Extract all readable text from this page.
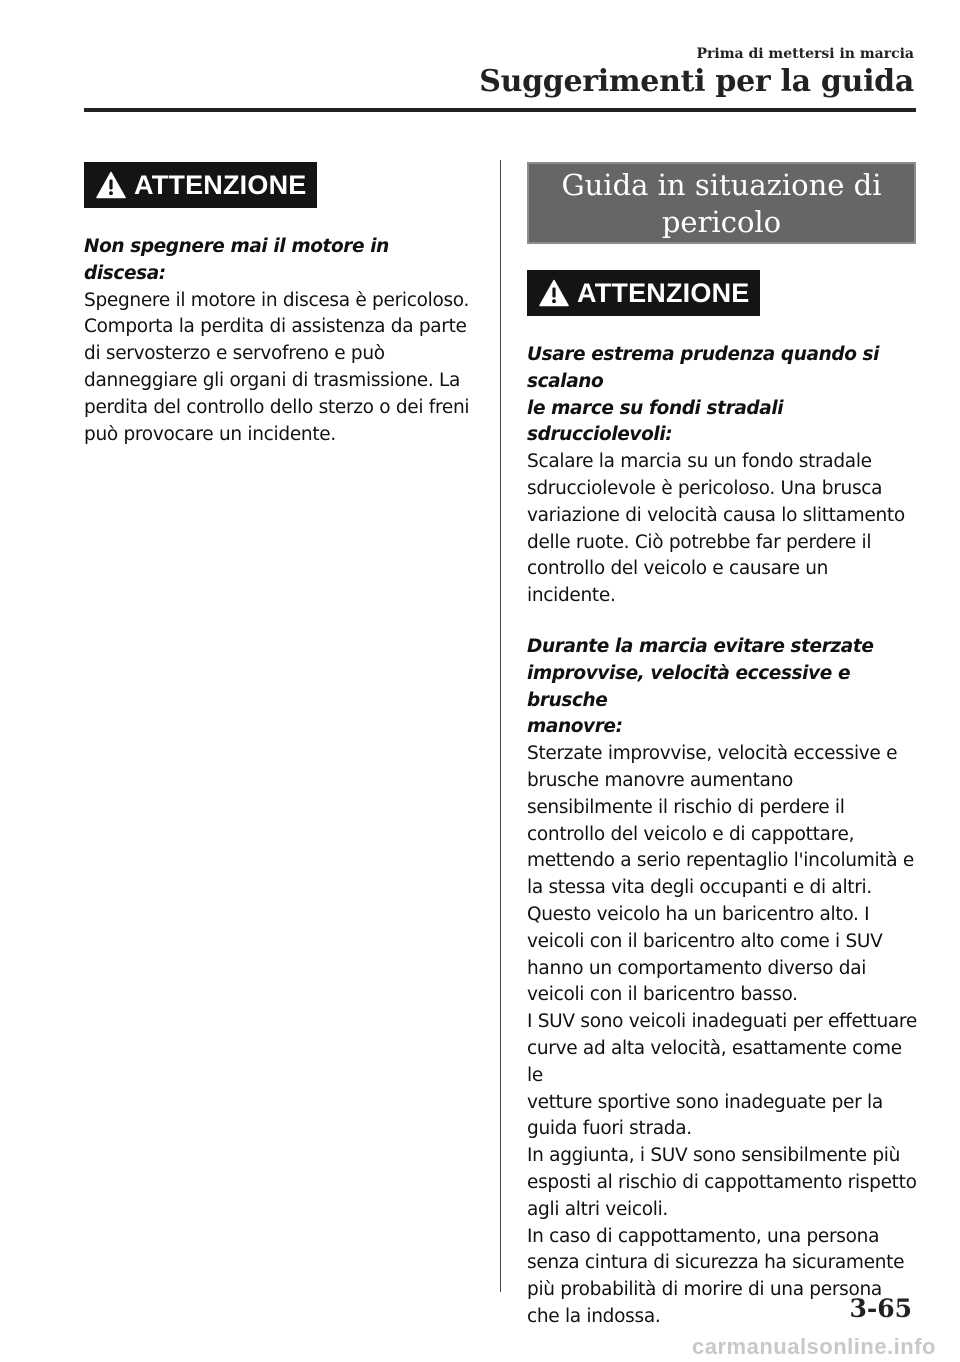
Prima di mettersi in marcia
Suggerimenti per la guida
ATTENZIONE

Non spegnere mai il motore in discesa:

Spegnere il motore in discesa è pericoloso.

Comporta la perdita di assistenza da parte

di servosterzo e servofreno e può

danneggiare gli organi di trasmissione. La

perdita del controllo dello sterzo o dei freni

può provocare un incidente.

Guida in situazione di
pericolo
ATTENZIONE

Usare estrema prudenza quando si scalano

le marce su fondi stradali sdrucciolevoli:

Scalare la marcia su un fondo stradale

sdrucciolevole è pericoloso. Una brusca

variazione di velocità causa lo slittamento

delle ruote. Ciò potrebbe far perdere il

controllo del veicolo e causare un

incidente.

Durante la marcia evitare sterzate

improvvise, velocità eccessive e brusche

manovre:

Sterzate improvvise, velocità eccessive e

brusche manovre aumentano

sensibilmente il rischio di perdere il

controllo del veicolo e di cappottare,

mettendo a serio repentaglio l'incolumità e

la stessa vita degli occupanti e di altri.

Questo veicolo ha un baricentro alto. I

veicoli con il baricentro alto come i SUV

hanno un comportamento diverso dai

veicoli con il baricentro basso.

I SUV sono veicoli inadeguati per effettuare

curve ad alta velocità, esattamente come le

vetture sportive sono inadeguate per la

guida fuori strada.

In aggiunta, i SUV sono sensibilmente più

esposti al rischio di cappottamento rispetto

agli altri veicoli.

In caso di cappottamento, una persona

senza cintura di sicurezza ha sicuramente

più probabilità di morire di una persona

che la indossa.	3-65
carmanualsonline.info
